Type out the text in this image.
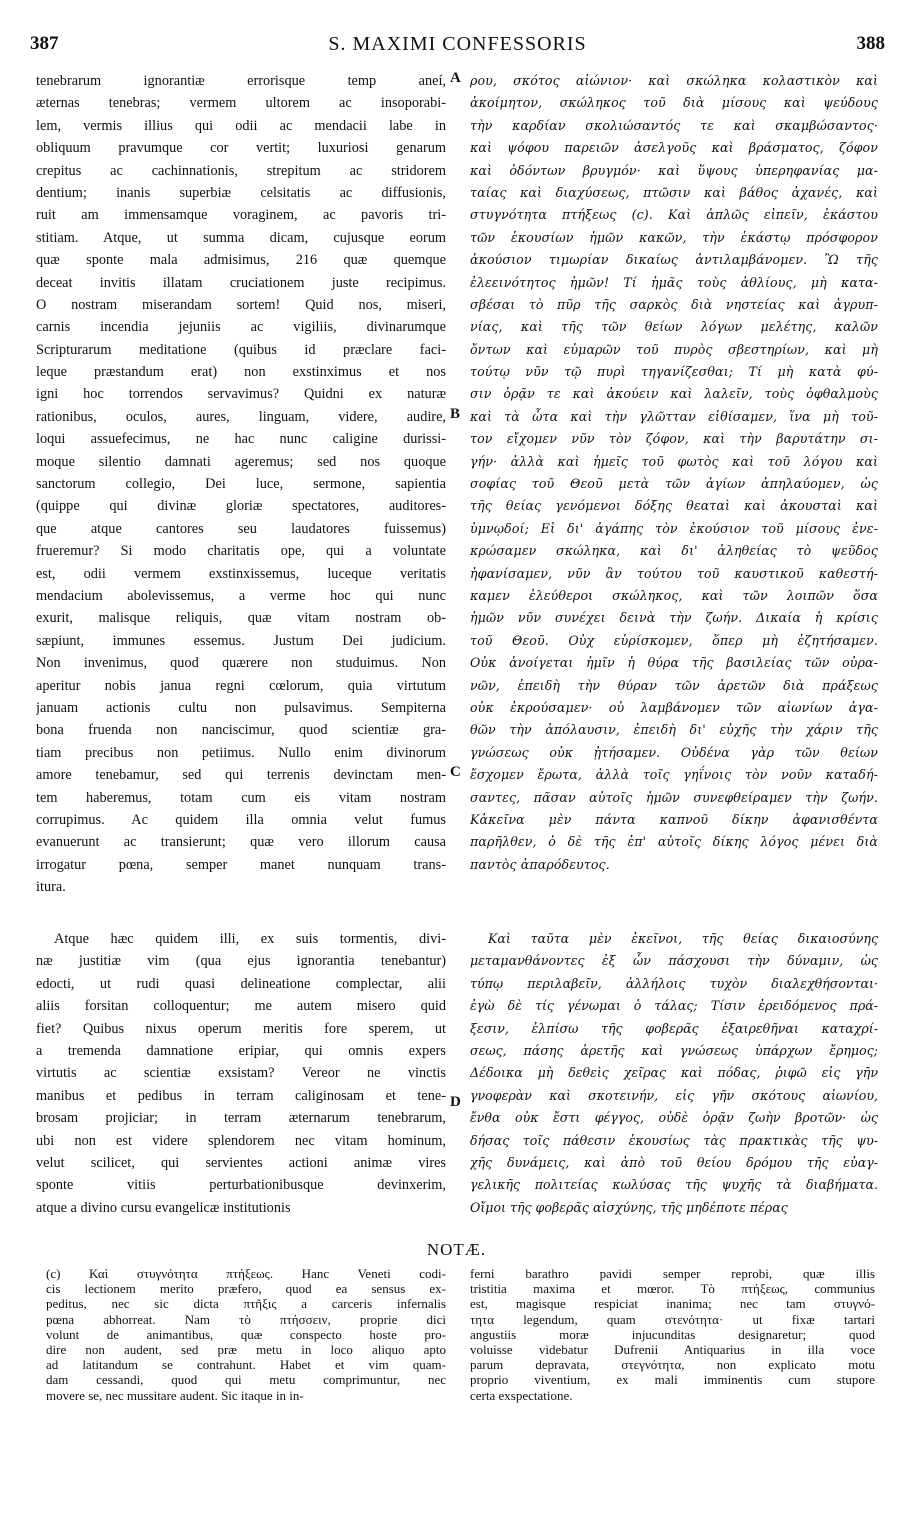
387	S. MAXIMI CONFESSORIS	388
tenebrarum ignorantiæ errorisque temp aneí,
æternas tenebras; vermem ultorem ac insoporabi-
lem, vermis illius qui odii ac mendacii labe in
obliquum pravumque cor vertit; luxuriosi genarum
crepitus ac cachinnationis, strepitum ac stridorem
dentium; inanis superbiæ celsitatis ac diffusionis,
ruit am immensamque voraginem, ac pavoris tri-
stitiam. Atque, ut summa dicam, cujusque eorum
quæ sponte mala admisimus, 216 quæ quemque
deceat invitis illatam cruciationem juste recipimus.
O nostram miserandam sortem! Quid nos, miseri,
carnis incendia jejuniis ac vigiliis, divinarumque
Scripturarum meditatione (quibus id præclare faci-
leque præstandum erat) non exstinximus et nos
igni hoc torrendos servavimus? Quidni ex naturæ
rationibus, oculos, aures, linguam, videre, audire,
loqui assuefecimus, ne hac nunc caligine durissi-
moque silentio damnati ageremus; sed nos quoque
sanctorum collegio, Dei luce, sermone, sapientia
(quippe qui divinæ gloriæ spectatores, auditores-
que atque cantores seu laudatores fuissemus)
frueremur? Si modo charitatis ope, qui a voluntate
est, odii vermem exstinxissemus, luceque veritatis
mendacium abolevissemus, a verme hoc qui nunc
exurit, malisque reliquis, quæ vitam nostram ob-
sæpiunt, immunes essemus. Justum Dei judicium.
Non invenimus, quod quærere non studuimus. Non
aperitur nobis janua regni cœlorum, quia virtutum
januam actionis cultu non pulsavimus. Sempiterna
bona fruenda non nanciscimur, quod scientiæ gra-
tiam precibus non petiimus. Nullo enim divinorum
amore tenebamur, sed qui terrenis devinctam men-
tem haberemus, totam cum eis vitam nostram
corrupimus. Ac quidem illa omnia velut fumus
evanuerunt ac transierunt; quæ vero illorum causa
irrogatur pœna, semper manet nunquam trans-
itura.
ρου, σκότος αἰώνιον· καὶ σκώληκα κολαστικὸν καὶ
ἀκοίμητον, σκώληκος τοῦ διὰ μίσους καὶ ψεύδους
τὴν καρδίαν σκολιώσαντός τε καὶ σκαμβώσαντος·
καὶ ψόφου παρειῶν ἀσελγοῦς καὶ βράσματος, ζόφον
καὶ ὀδόντων βρυγμόν· καὶ ὕψους ὑπερηφανίας μα-
ταίας καὶ διαχύσεως, πτῶσιν καὶ βάθος ἀχανές, καὶ
στυγνότητα πτήξεως (c). Καὶ ἁπλῶς εἰπεῖν, ἑκάστου
τῶν ἑκουσίων ἡμῶν κακῶν, τὴν ἑκάστῳ πρόσφορον
ἀκούσιον τιμωρίαν δικαίως ἀντιλαμβάνομεν. Ὢ τῆς
ἐλεεινότητος ἡμῶν! Τί ἡμᾶς τοὺς ἀθλίους, μὴ κατα-
σβέσαι τὸ πῦρ τῆς σαρκὸς διὰ νηστείας καὶ ἀγρυπ-
νίας, καὶ τῆς τῶν θείων λόγων μελέτης, καλῶν
ὄντων καὶ εὐμαρῶν τοῦ πυρὸς σβεστηρίων, καὶ μὴ
τούτῳ νῦν τῷ πυρὶ τηγανίζεσθαι; Τί μὴ κατὰ φύ-
σιν ὁρᾷν τε καὶ ἀκούειν καὶ λαλεῖν, τοὺς ὀφθαλμοὺς
καὶ τὰ ὦτα καὶ τὴν γλῶτταν εἰθίσαμεν, ἵνα μὴ τοῦ-
τον εἴχομεν νῦν τὸν ζόφον, καὶ τὴν βαρυτάτην σι-
γήν· ἀλλὰ καὶ ἡμεῖς τοῦ φωτὸς καὶ τοῦ λόγου καὶ
σοφίας τοῦ Θεοῦ μετὰ τῶν ἁγίων ἀπηλαύομεν, ὡς
τῆς θείας γενόμενοι δόξης θεαταὶ καὶ ἀκουσταὶ καὶ
ὑμνῳδοί; Εἰ δι' ἀγάπης τὸν ἑκούσιον τοῦ μίσους ἐνε-
κρώσαμεν σκώληκα, καὶ δι' ἀληθείας τὸ ψεῦδος
ἠφανίσαμεν, νῦν ἂν τούτου τοῦ καυστικοῦ καθεστή-
καμεν ἐλεύθεροι σκώληκος, καὶ τῶν λοιπῶν ὅσα
ἡμῶν νῦν συνέχει δεινὰ τὴν ζωήν. Δικαία ἡ κρίσις
τοῦ Θεοῦ. Οὐχ εὑρίσκομεν, ὅπερ μὴ ἐζητήσαμεν.
Οὐκ ἀνοίγεται ἡμῖν ἡ θύρα τῆς βασιλείας τῶν οὐρα-
νῶν, ἐπειδὴ τὴν θύραν τῶν ἀρετῶν διὰ πράξεως
οὐκ ἐκρούσαμεν· οὐ λαμβάνομεν τῶν αἰωνίων ἀγα-
θῶν τὴν ἀπόλαυσιν, ἐπειδὴ δι' εὐχῆς τὴν χάριν τῆς
γνώσεως οὐκ ᾐτήσαμεν. Οὐδένα γὰρ τῶν θείων
ἔσχομεν ἔρωτα, ἀλλὰ τοῖς γηΐνοις τὸν νοῦν καταδή-
σαντες, πᾶσαν αὐτοῖς ἡμῶν συνεφθείραμεν τὴν ζωήν.
Κἀκεῖνα μὲν πάντα καπνοῦ δίκην ἀφανισθέντα
παρῆλθεν, ὁ δὲ τῆς ἐπ' αὐτοῖς δίκης λόγος μένει διὰ
παντὸς ἀπαρόδευτος.
Atque hæc quidem illi, ex suis tormentis, divi-
næ justitiæ vim (qua ejus ignorantia tenebantur)
edocti, ut rudi quasi delineatione complectar, alii
aliis forsitan colloquentur; me autem misero quid
fiet? Quibus nixus operum meritis fore sperem, ut
a tremenda damnatione eripiar, qui omnis expers
virtutis ac scientiæ exsistam? Vereor ne vinctis
manibus et pedibus in terram caliginosam et tene-
brosam projiciar; in terram æternarum tenebrarum,
ubi non est videre splendorem nec vitam hominum,
velut scilicet, qui servientes actioni animæ vires
sponte vitiis perturbationibusque devinxerim,
atque a divino cursu evangelicæ institutionis
Καὶ ταῦτα μὲν ἐκεῖνοι, τῆς θείας δικαιοσύνης
μεταμανθάνοντες ἐξ ὧν πάσχουσι τὴν δύναμιν, ὡς
τύπῳ περιλαβεῖν, ἀλλήλοις τυχὸν διαλεχθήσονται·
ἐγὼ δὲ τίς γένωμαι ὁ τάλας; Τίσιν ἐρειδόμενος πρά-
ξεσιν, ἐλπίσω τῆς φοβερᾶς ἐξαιρεθῆναι καταχρί-
σεως, πάσης ἀρετῆς καὶ γνώσεως ὑπάρχων ἔρημος;
Δέδοικα μὴ δεθεὶς χεῖρας καὶ πόδας, ῥιφῶ εἰς γῆν
γνοφερὰν καὶ σκοτεινήν, εἰς γῆν σκότους αἰωνίου,
ἔνθα οὐκ ἔστι φέγγος, οὐδὲ ὁρᾷν ζωὴν βροτῶν· ὡς
δήσας τοῖς πάθεσιν ἑκουσίως τὰς πρακτικὰς τῆς ψυ-
χῆς δυνάμεις, καὶ ἀπὸ τοῦ θείου δρόμου τῆς εὐαγ-
γελικῆς πολιτείας κωλύσας τῆς ψυχῆς τὰ διαβήματα.
Οἴμοι τῆς φοβερᾶς αἰσχύνης, τῆς μηδέποτε πέρας
A
B
C
D
NOTÆ.
(c) Καὶ στυγνότητα πτήξεως. Hanc Veneti codi-
cis lectionem merito præfero, quod ea sensus ex-
peditus, nec sic dicta πτῆξις a carceris infernalis
pœna abhorreat. Nam τὸ πτήσσειν, proprie dici
volunt de animantibus, quæ conspecto hoste pro-
dire non audent, sed præ metu in loco aliquo apto
ad latitandum se contrahunt. Habet et vim quam-
dam cessandi, quod qui metu comprimuntur, nec
movere se, nec mussitare audent. Sic itaque in in-
ferni barathro pavidi semper reprobi, quæ illis
tristitia maxima et mœror. Τὸ πτήξεως, communius
est, magisque respiciat inanima; nec tam στυγνό-
τητα legendum, quam στενότητα· ut fixæ tartari
angustiis moræ injucunditas designaretur; quod
voluisse videbatur Dufrenii Antiquarius in illa voce
parum depravata, στεγνότητα, non explicato motu
proprio viventium, ex mali imminentis cum stupore
certa exspectatione.
